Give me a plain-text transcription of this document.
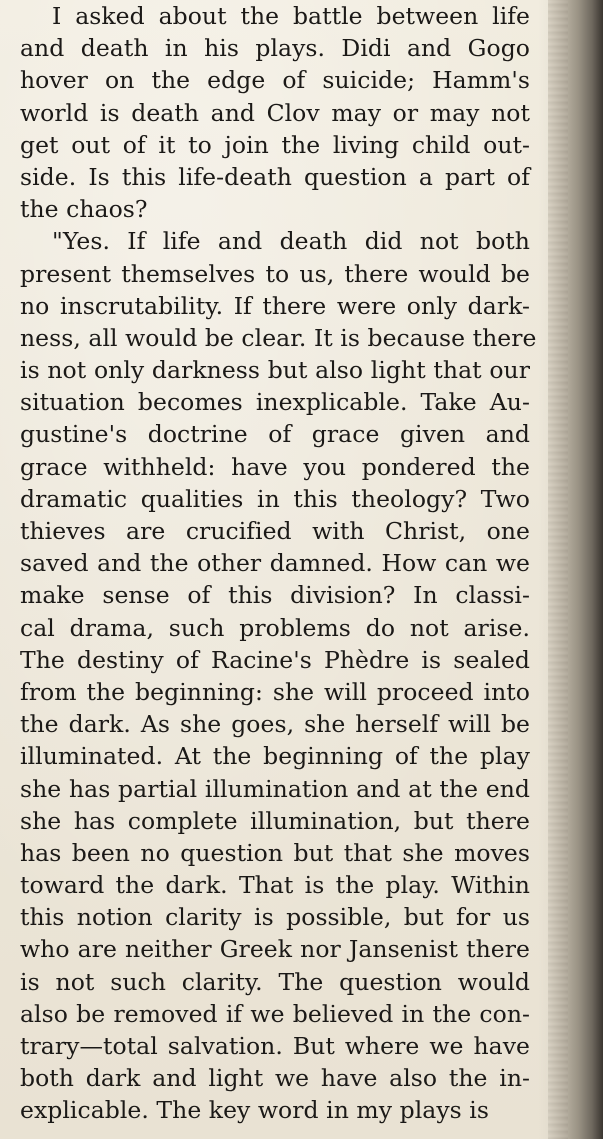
I asked about the battle between life
and death in his plays. Didi and Gogo
hover on the edge of suicide; Hamm's
world is death and Clov may or may not
get out of it to join the living child out-
side. Is this life-death question a part of
the chaos?
"Yes. If life and death did not both
present themselves to us, there would be
no inscrutability. If there were only dark-
ness, all would be clear. It is because there
is not only darkness but also light that our
situation becomes inexplicable. Take Au-
gustine's doctrine of grace given and
grace withheld: have you pondered the
dramatic qualities in this theology? Two
thieves are crucified with Christ, one
saved and the other damned. How can we
make sense of this division? In classi-
cal drama, such problems do not arise.
The destiny of Racine's Phèdre is sealed
from the beginning: she will proceed into
the dark. As she goes, she herself will be
illuminated. At the beginning of the play
she has partial illumination and at the end
she has complete illumination, but there
has been no question but that she moves
toward the dark. That is the play. Within
this notion clarity is possible, but for us
who are neither Greek nor Jansenist there
is not such clarity. The question would
also be removed if we believed in the con-
trary—total salvation. But where we have
both dark and light we have also the in-
explicable. The key word in my plays is
